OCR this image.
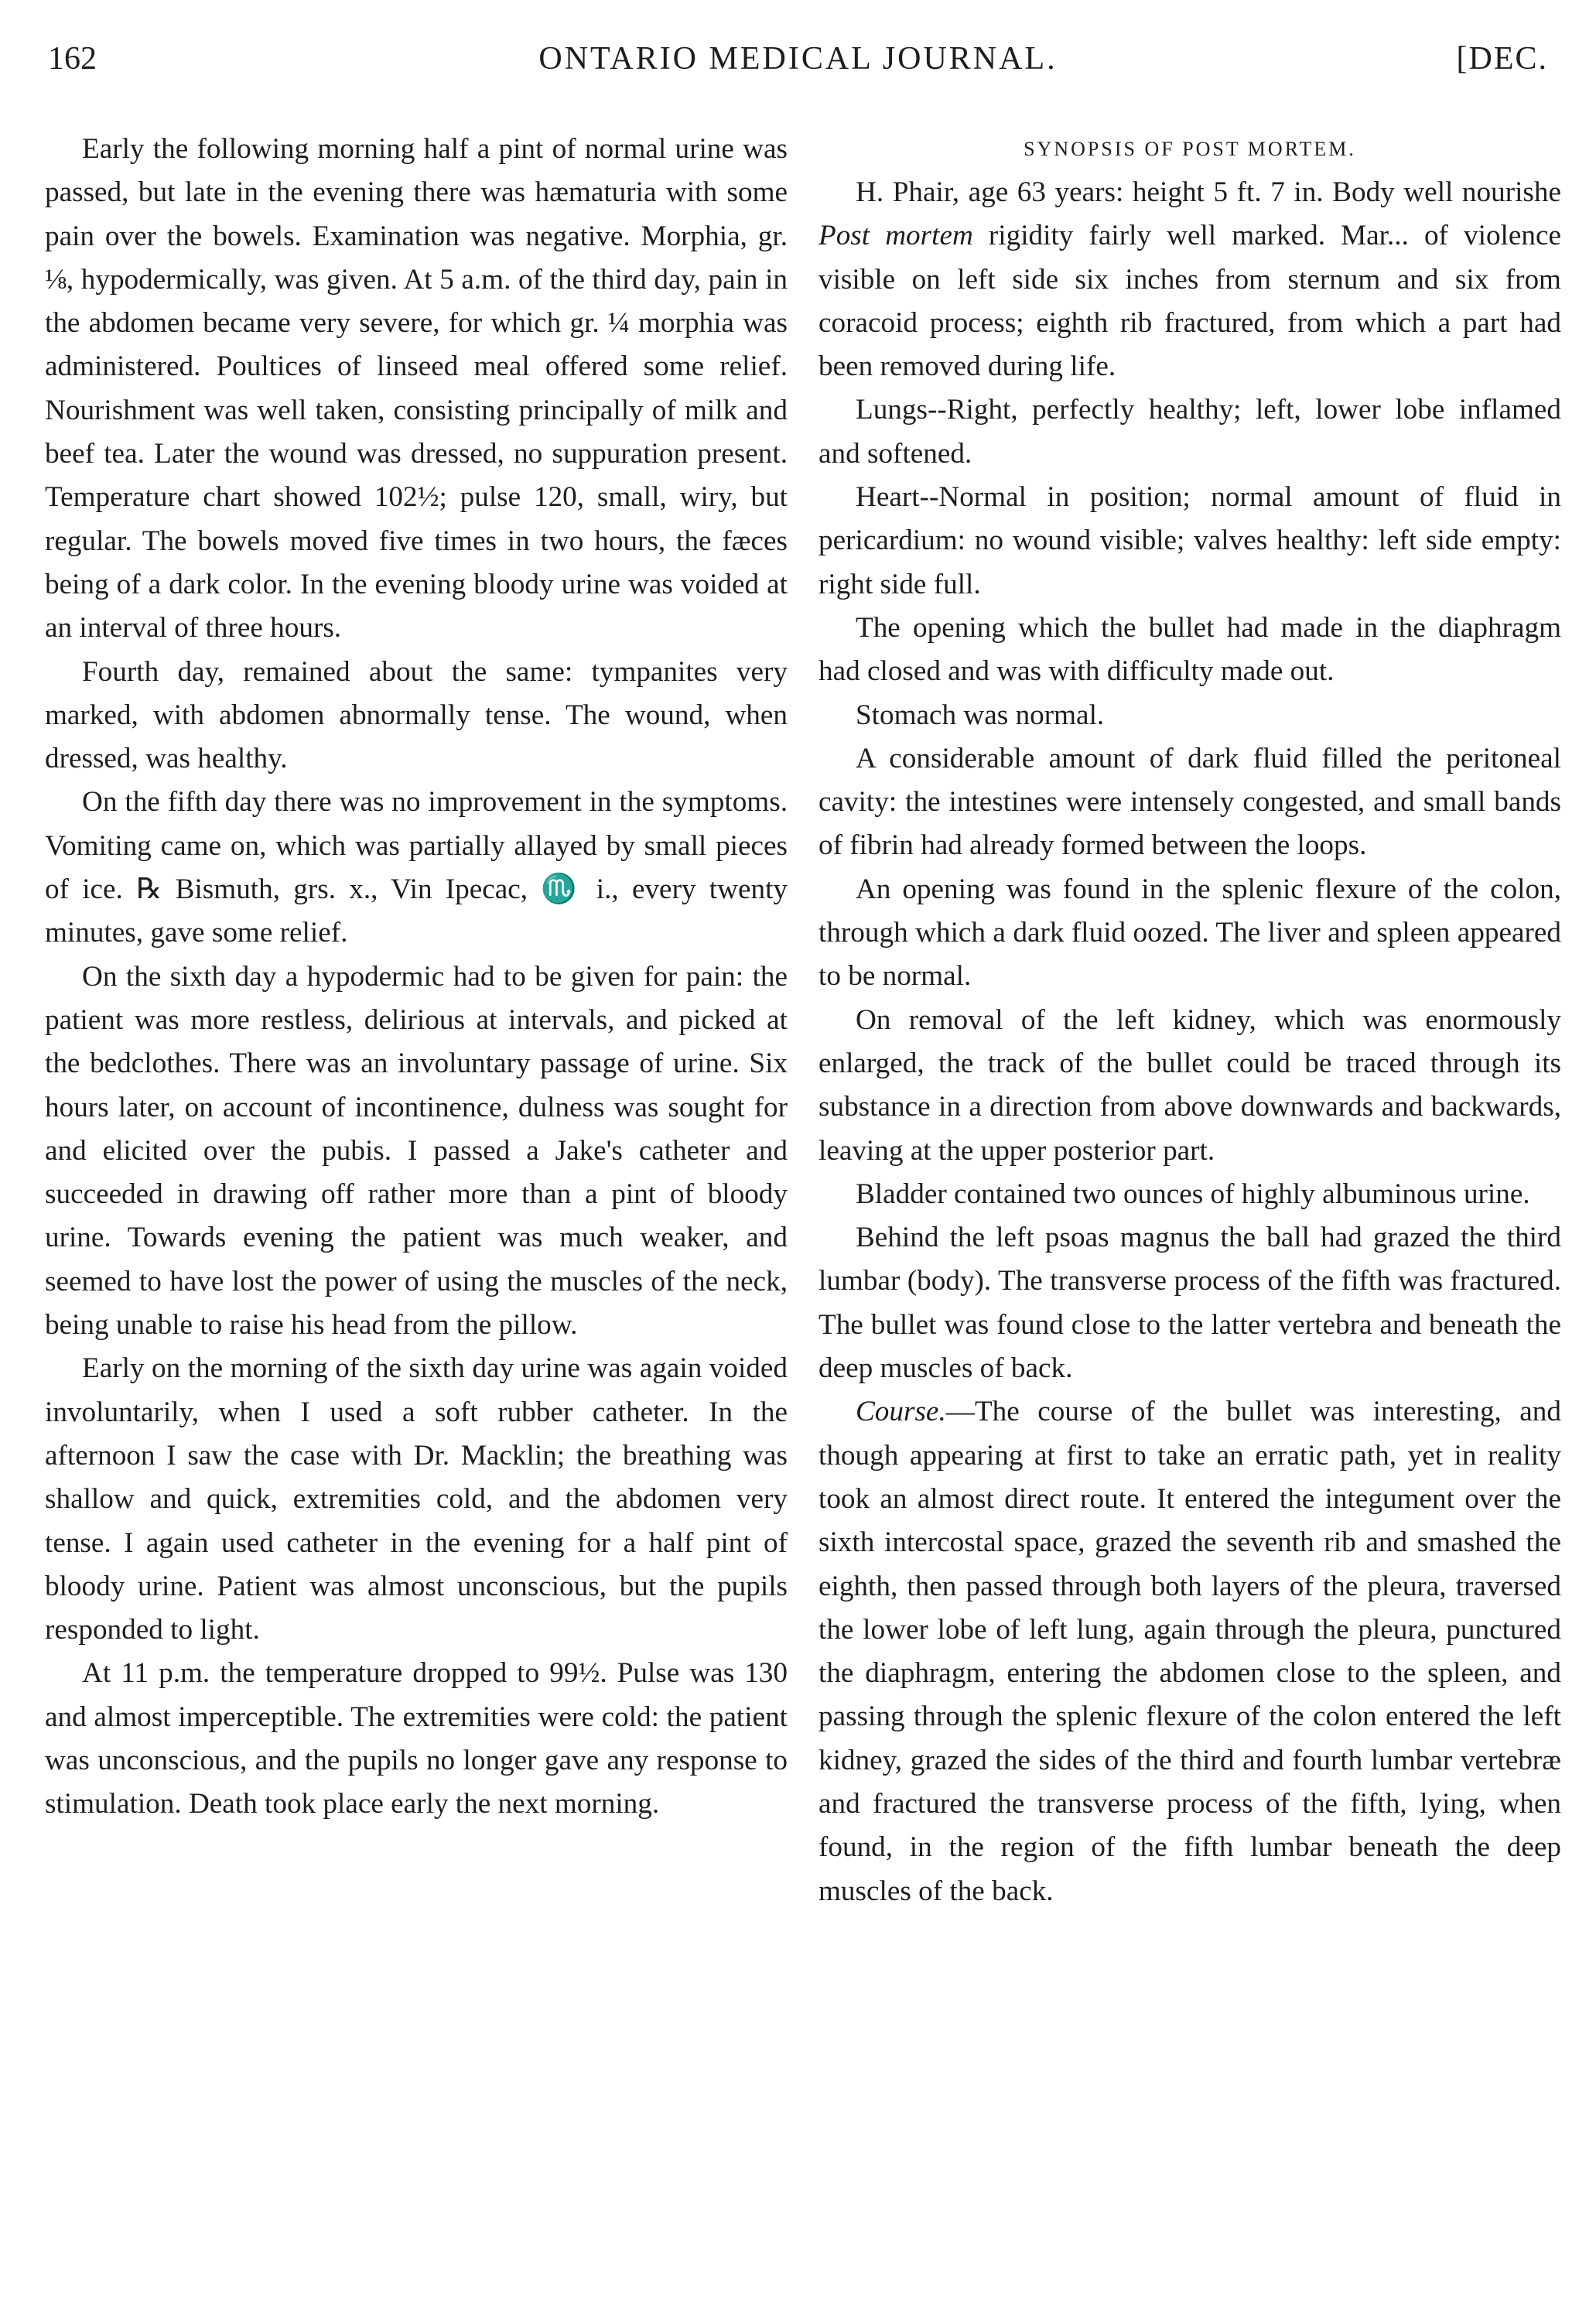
162	ONTARIO MEDICAL JOURNAL.	[DEC.

Early the following morning half a pint of normal urine was passed, but late in the evening there was hæmaturia with some pain over the bowels. Examination was negative. Morphia, gr. ⅛, hypodermically, was given. At 5 a.m. of the third day, pain in the abdomen became very severe, for which gr. ¼ morphia was administered. Poultices of linseed meal offered some relief. Nourishment was well taken, consisting principally of milk and beef tea. Later the wound was dressed, no suppuration present. Temperature chart showed 102½; pulse 120, small, wiry, but regular. The bowels moved five times in two hours, the fæces being of a dark color. In the evening bloody urine was voided at an interval of three hours.

Fourth day, remained about the same: tympanites very marked, with abdomen abnormally tense. The wound, when dressed, was healthy.

On the fifth day there was no improvement in the symptoms. Vomiting came on, which was partially allayed by small pieces of ice. ℞ Bismuth, grs. x., Vin Ipecac, ♏ i., every twenty minutes, gave some relief.

On the sixth day a hypodermic had to be given for pain: the patient was more restless, delirious at intervals, and picked at the bedclothes. There was an involuntary passage of urine. Six hours later, on account of incontinence, dulness was sought for and elicited over the pubis. I passed a Jake's catheter and succeeded in drawing off rather more than a pint of bloody urine. Towards evening the patient was much weaker, and seemed to have lost the power of using the muscles of the neck, being unable to raise his head from the pillow.

Early on the morning of the sixth day urine was again voided involuntarily, when I used a soft rubber catheter. In the afternoon I saw the case with Dr. Macklin; the breathing was shallow and quick, extremities cold, and the abdomen very tense. I again used catheter in the evening for a half pint of bloody urine. Patient was almost unconscious, but the pupils responded to light.

At 11 p.m. the temperature dropped to 99½. Pulse was 130 and almost imperceptible. The extremities were cold: the patient was unconscious, and the pupils no longer gave any response to stimulation. Death took place early the next morning.

SYNOPSIS OF POST MORTEM.

H. Phair, age 63 years: height 5 ft. 7 in. Body well nourishe Post mortem rigidity fairly well marked. Mar... of violence visible on left side six inches from sternum and six from coracoid process; eighth rib fractured, from which a part had been removed during life.

Lungs--Right, perfectly healthy; left, lower lobe inflamed and softened.

Heart--Normal in position; normal amount of fluid in pericardium: no wound visible; valves healthy: left side empty: right side full.

The opening which the bullet had made in the diaphragm had closed and was with difficulty made out.

Stomach was normal.

A considerable amount of dark fluid filled the peritoneal cavity: the intestines were intensely congested, and small bands of fibrin had already formed between the loops.

An opening was found in the splenic flexure of the colon, through which a dark fluid oozed. The liver and spleen appeared to be normal.

On removal of the left kidney, which was enormously enlarged, the track of the bullet could be traced through its substance in a direction from above downwards and backwards, leaving at the upper posterior part.

Bladder contained two ounces of highly albuminous urine.

Behind the left psoas magnus the ball had grazed the third lumbar (body). The transverse process of the fifth was fractured. The bullet was found close to the latter vertebra and beneath the deep muscles of back.

Course.—The course of the bullet was interesting, and though appearing at first to take an erratic path, yet in reality took an almost direct route. It entered the integument over the sixth intercostal space, grazed the seventh rib and smashed the eighth, then passed through both layers of the pleura, traversed the lower lobe of left lung, again through the pleura, punctured the diaphragm, entering the abdomen close to the spleen, and passing through the splenic flexure of the colon entered the left kidney, grazed the sides of the third and fourth lumbar vertebræ and fractured the transverse process of the fifth, lying, when found, in the region of the fifth lumbar beneath the deep muscles of the back.
